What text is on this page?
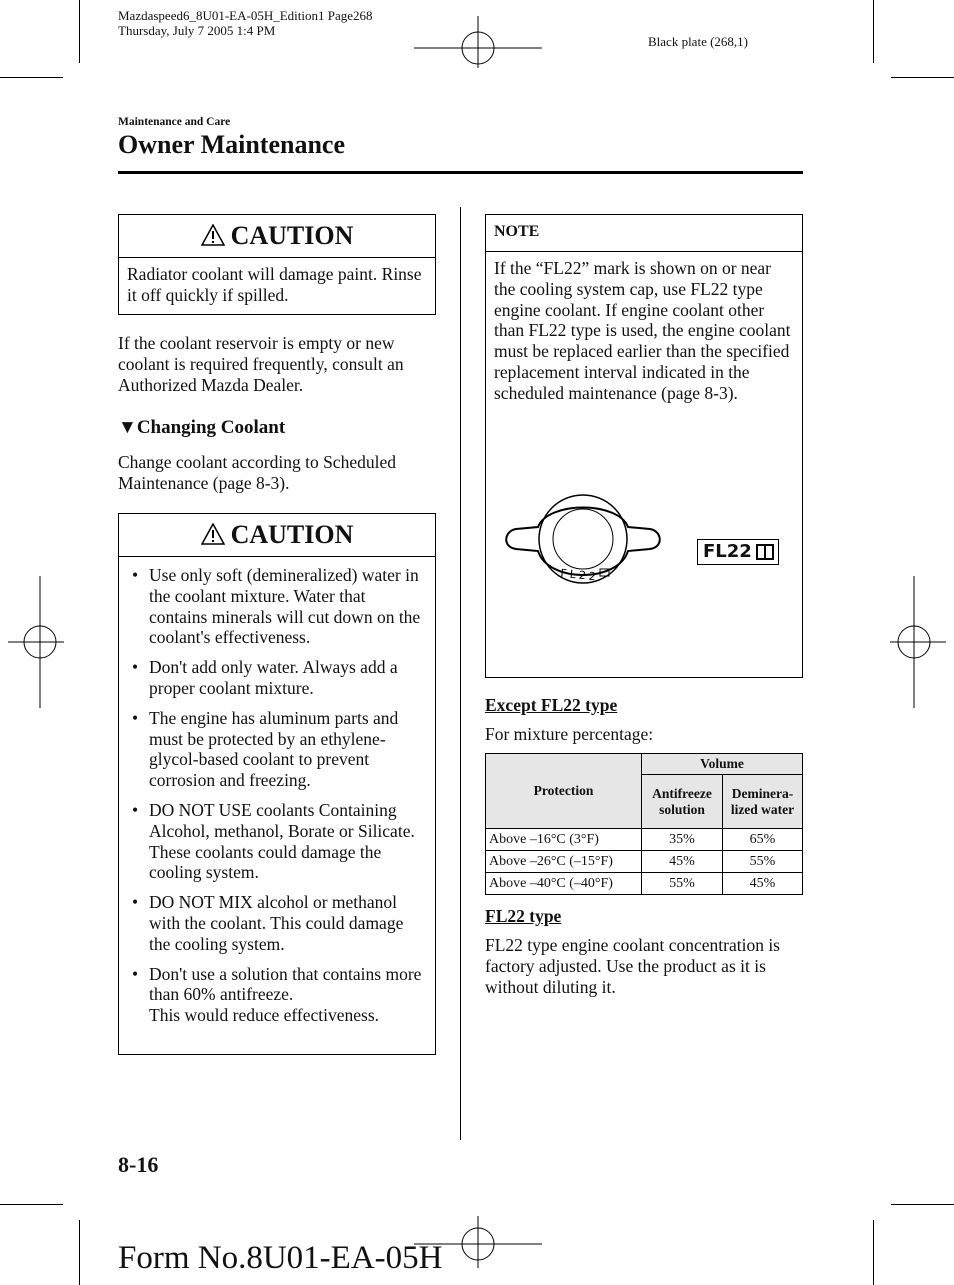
Mazdaspeed6_8U01-EA-05H_Edition1 Page268
Thursday, July 7 2005 1:4 PM
Black plate (268,1)
Maintenance and Care
Owner Maintenance
CAUTION
Radiator coolant will damage paint. Rinse it off quickly if spilled.

If the coolant reservoir is empty or new coolant is required frequently, consult an Authorized Mazda Dealer.

▼Changing Coolant

Change coolant according to Scheduled Maintenance (page 8-3).

CAUTION
• Use only soft (demineralized) water in the coolant mixture. Water that contains minerals will cut down on the coolant's effectiveness.
• Don't add only water. Always add a proper coolant mixture.
• The engine has aluminum parts and must be protected by an ethylene-glycol-based coolant to prevent corrosion and freezing.
• DO NOT USE coolants Containing Alcohol, methanol, Borate or Silicate.
These coolants could damage the cooling system.
• DO NOT MIX alcohol or methanol with the coolant. This could damage the cooling system.
• Don't use a solution that contains more than 60% antifreeze.
This would reduce effectiveness.
NOTE
If the “FL22” mark is shown on or near the cooling system cap, use FL22 type engine coolant. If engine coolant other than FL22 type is used, the engine coolant must be replaced earlier than the specified replacement interval indicated in the scheduled maintenance (page 8-3).
FL22
FL22
Except FL22 type

For mixture percentage:

Protection	Volume	
	Antifreeze solution	Deminera-
lized water
Above –16°C (3°F)	35%	65%
Above –26°C (–15°F)	45%	55%
Above –40°C (–40°F)	55%	45%
FL22 type

FL22 type engine coolant concentration is factory adjusted. Use the product as it is without diluting it.

8-16
Form No.8U01-EA-05H
